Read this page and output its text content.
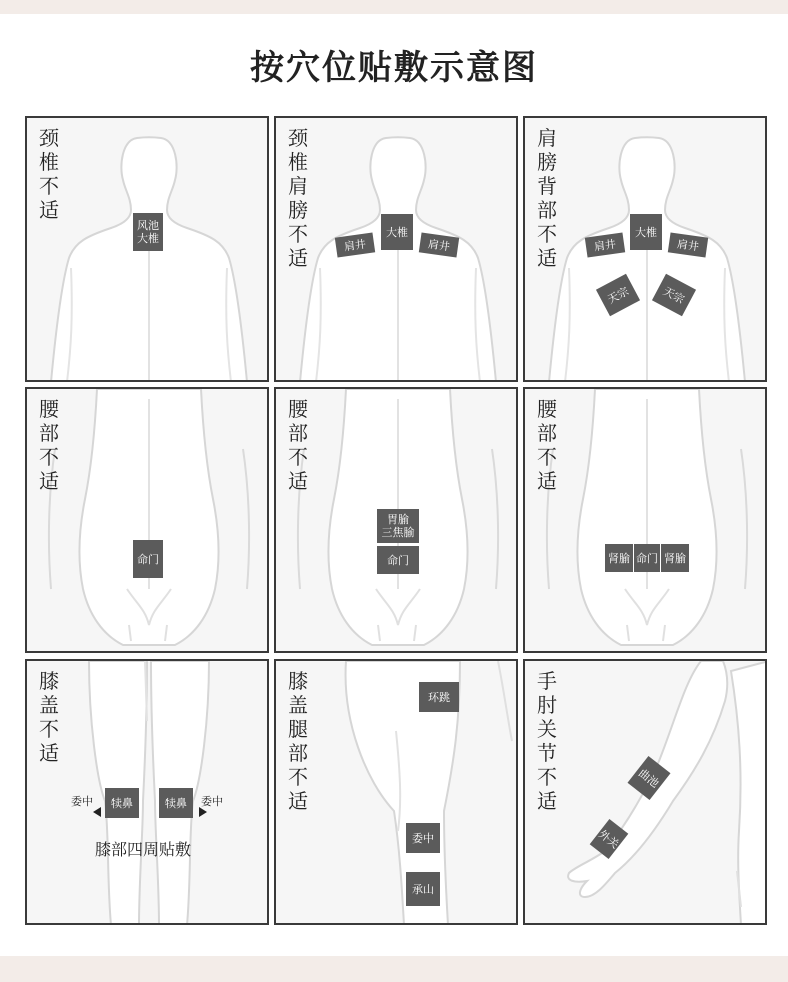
按穴位贴敷示意图
颈椎不适
风池
大椎
颈椎肩膀不适
肩井
大椎
肩井
肩膀背部不适
肩井
大椎
肩井
天宗	天宗
腰部不适
命门
腰部不适
胃腧
三焦腧
命门
腰部不适
肾腧 命门 肾腧
膝盖不适
犊鼻	犊鼻
委中	委中
膝部四周贴敷
膝盖腿部不适
环跳
委中
承山
手肘关节不适
曲池
外关
